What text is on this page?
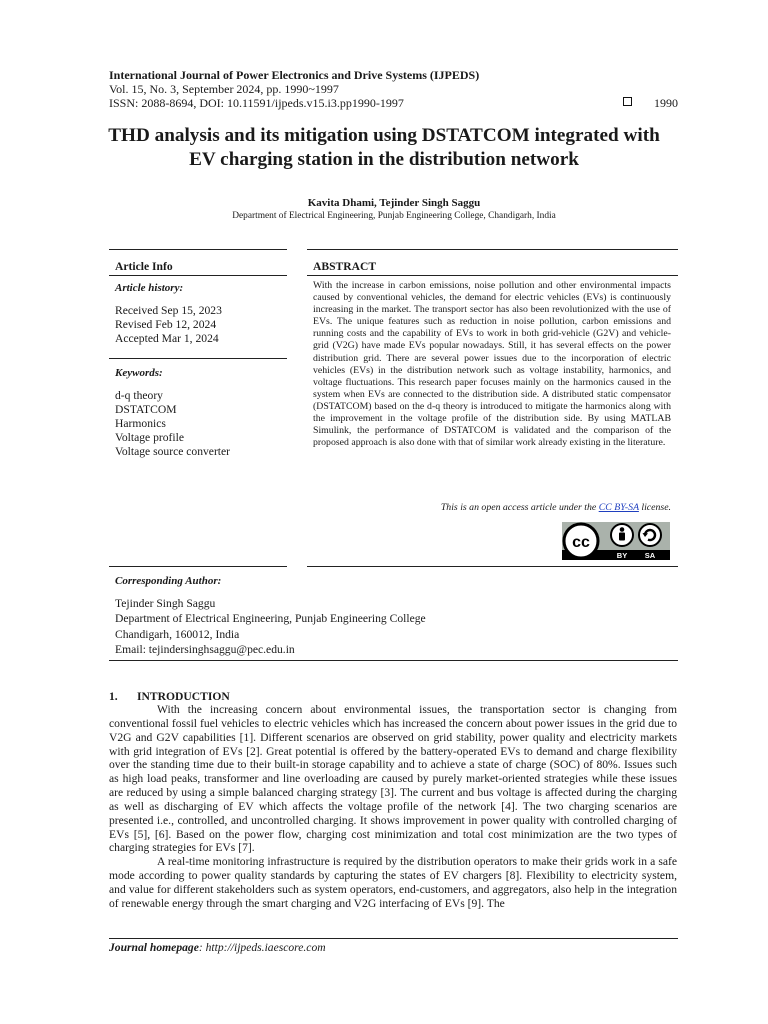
International Journal of Power Electronics and Drive Systems (IJPEDS)
Vol. 15, No. 3, September 2024, pp. 1990~1997
ISSN: 2088-8694, DOI: 10.11591/ijpeds.v15.i3.pp1990-1997	1990
THD analysis and its mitigation using DSTATCOM integrated with EV charging station in the distribution network
Kavita Dhami, Tejinder Singh Saggu
Department of Electrical Engineering, Punjab Engineering College, Chandigarh, India
Article Info
Article history:
Received Sep 15, 2023
Revised Feb 12, 2024
Accepted Mar 1, 2024
Keywords:
d-q theory
DSTATCOM
Harmonics
Voltage profile
Voltage source converter
ABSTRACT

With the increase in carbon emissions, noise pollution and other environmental impacts caused by conventional vehicles, the demand for electric vehicles (EVs) is continuously increasing in the market. The transport sector has also been revolutionized with the use of EVs. The unique features such as reduction in noise pollution, carbon emissions and running costs and the capability of EVs to work in both grid-vehicle (G2V) and vehicle-grid (V2G) have made EVs popular nowadays. Still, it has several effects on the power distribution grid. There are several power issues due to the incorporation of electric vehicles (EVs) in the distribution network such as voltage instability, harmonics, and voltage fluctuations. This research paper focuses mainly on the harmonics caused in the system when EVs are connected to the distribution side. A distributed static compensator (DSTATCOM) based on the d-q theory is introduced to mitigate the harmonics along with the improvement in the voltage profile of the distribution side. By using MATLAB Simulink, the performance of DSTATCOM is validated and the comparison of the proposed approach is also done with that of similar work already existing in the literature.

This is an open access article under the CC BY-SA license.
cc
BY SA
Corresponding Author:
Tejinder Singh Saggu
Department of Electrical Engineering, Punjab Engineering College
Chandigarh, 160012, India
Email: tejindersinghsaggu@pec.edu.in
1. INTRODUCTION

With the increasing concern about environmental issues, the transportation sector is changing from conventional fossil fuel vehicles to electric vehicles which has increased the concern about power issues in the grid due to V2G and G2V capabilities [1]. Different scenarios are observed on grid stability, power quality and electricity markets with grid integration of EVs [2]. Great potential is offered by the battery-operated EVs to demand and charge flexibility over the standing time due to their built-in storage capability and to achieve a state of charge (SOC) of 80%. Issues such as high load peaks, transformer and line overloading are caused by purely market-oriented strategies while these issues are reduced by using a simple balanced charging strategy [3]. The current and bus voltage is affected during the charging as well as discharging of EV which affects the voltage profile of the network [4]. The two charging scenarios are presented i.e., controlled, and uncontrolled charging. It shows improvement in power quality with controlled charging of EVs [5], [6]. Based on the power flow, charging cost minimization and total cost minimization are the two types of charging strategies for EVs [7].

A real-time monitoring infrastructure is required by the distribution operators to make their grids work in a safe mode according to power quality standards by capturing the states of EV chargers [8]. Flexibility to electricity system, and value for different stakeholders such as system operators, end-customers, and aggregators, also help in the integration of renewable energy through the smart charging and V2G interfacing of EVs [9]. The

Journal homepage: http://ijpeds.iaescore.com
